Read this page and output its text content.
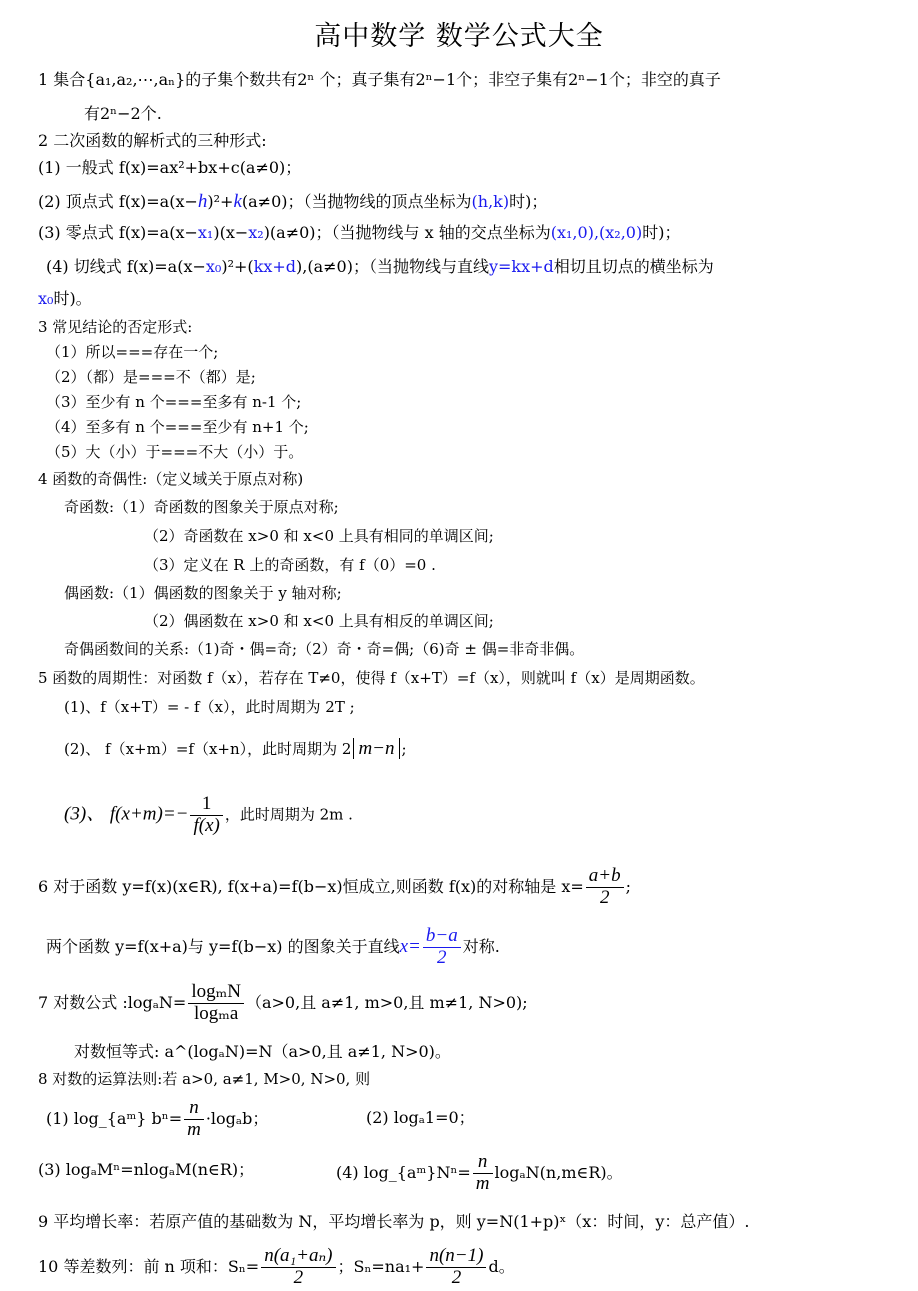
高中数学 数学公式大全
1 集合{a₁,a₂,⋯,aₙ}的子集个数共有2ⁿ 个；真子集有2ⁿ−1个；非空子集有2ⁿ−1个；非空的真子
有2ⁿ−2个.
2 二次函数的解析式的三种形式:
(1) 一般式 f(x)=ax²+bx+c(a≠0)；
(2) 顶点式 f(x)=a(x−h)²+k(a≠0)；（当抛物线的顶点坐标为(h,k)时)；
(3) 零点式 f(x)=a(x−x₁)(x−x₂)(a≠0)；（当抛物线与 x 轴的交点坐标为(x₁,0),(x₂,0)时)；
(4) 切线式 f(x)=a(x−x₀)²+(kx+d),(a≠0)；（当抛物线与直线y=kx+d相切且切点的横坐标为
x₀时)。
3 常见结论的否定形式:
（1）所以===存在一个;
（2）（都）是===不（都）是;
（3）至少有 n 个===至多有 n-1 个;
（4）至多有 n 个===至少有 n+1 个;
（5）大（小）于===不大（小）于。
4 函数的奇偶性:（定义域关于原点对称)
奇函数:（1）奇函数的图象关于原点对称;
（2）奇函数在 x>0 和 x<0 上具有相同的单调区间;
（3）定义在 R 上的奇函数，有 f（0）=0 .
偶函数:（1）偶函数的图象关于 y 轴对称;
（2）偶函数在 x>0 和 x<0 上具有相反的单调区间;
奇偶函数间的关系:（1)奇・偶=奇;（2）奇・奇=偶;（6)奇 ± 偶=非奇非偶。
5 函数的周期性：对函数 f（x），若存在 T≠0，使得 f（x+T）=f（x），则就叫 f（x）是周期函数。
(1)、f（x+T）= - f（x），此时周期为 2T ;
(2)、 f（x+m）=f（x+n），此时周期为 2 m−n ;
(3)、 $f(x+m)=- \frac{1}{f(x)}$ ，此时周期为 2m .
6 对于函数 y=f(x)(x∈R), f(x+a)=f(b−x)恒成立,则函数 f(x)的对称轴是 $x= \frac{a+b}{2}$ ;
两个函数 y=f(x+a)与 y=f(b−x) 的图象关于直线$x= \frac{b-a}{2}$ 对称.
7 对数公式 :logₐN= $\frac{\text{logₘN}}{\text{logₘa}} (a>0$,且 a≠1, m>0,且 m≠1, N>0);
对数恒等式: a^(logₐN)=N（a>0,且 a≠1, N>0)。
8 对数的运算法则:若 a>0, a≠1, M>0, N>0, 则
(1) log_{aᵐ} $b^n= \frac{n}{m} \cdot\log_ab$；	(2) logₐ1=0；
(3) logₐMⁿ=nlogₐM(n∈R)；	(4) log_{aᵐ}Nⁿ= $\frac{n}{m}$ logₐN(n,m∈R)。
9 平均增长率：若原产值的基础数为 N，平均增长率为 p，则 y=N(1+p)ˣ（x：时间，y：总产值）.
10 等差数列：前 n 项和：$S_n= \frac{\text{n(a₁+aₙ)}}{2}$ ；$S_n=na_1+ \frac{n(n-1)}{2}$ d。
